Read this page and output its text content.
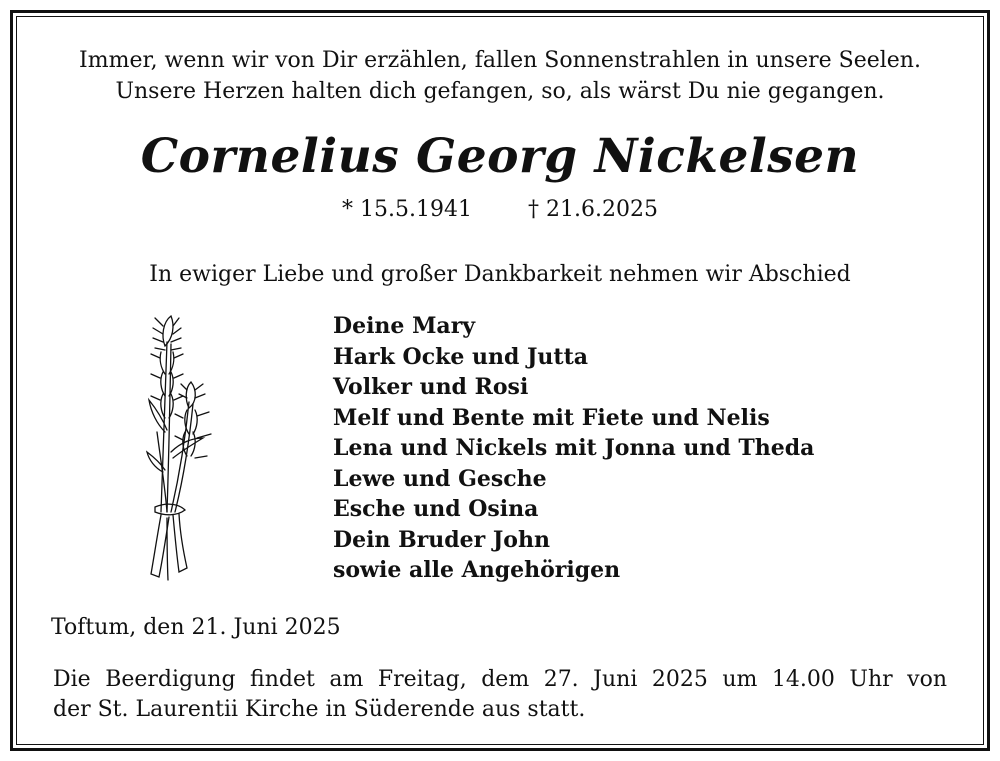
Immer, wenn wir von Dir erzählen, fallen Sonnenstrahlen in unsere Seelen.
Unsere Herzen halten dich gefangen, so, als wärst Du nie gegangen.
Cornelius Georg Nickelsen
* 15.5.1941	† 21.6.2025
In ewiger Liebe und großer Dankbarkeit nehmen wir Abschied
Deine Mary
Hark Ocke und Jutta
Volker und Rosi
Melf und Bente mit Fiete und Nelis
Lena und Nickels mit Jonna und Theda
Lewe und Gesche
Esche und Osina
Dein Bruder John
sowie alle Angehörigen
Toftum, den 21. Juni 2025
Die Beerdigung findet am Freitag, dem 27. Juni 2025 um 14.00 Uhr von
der St. Laurentii Kirche in Süderende aus statt.
